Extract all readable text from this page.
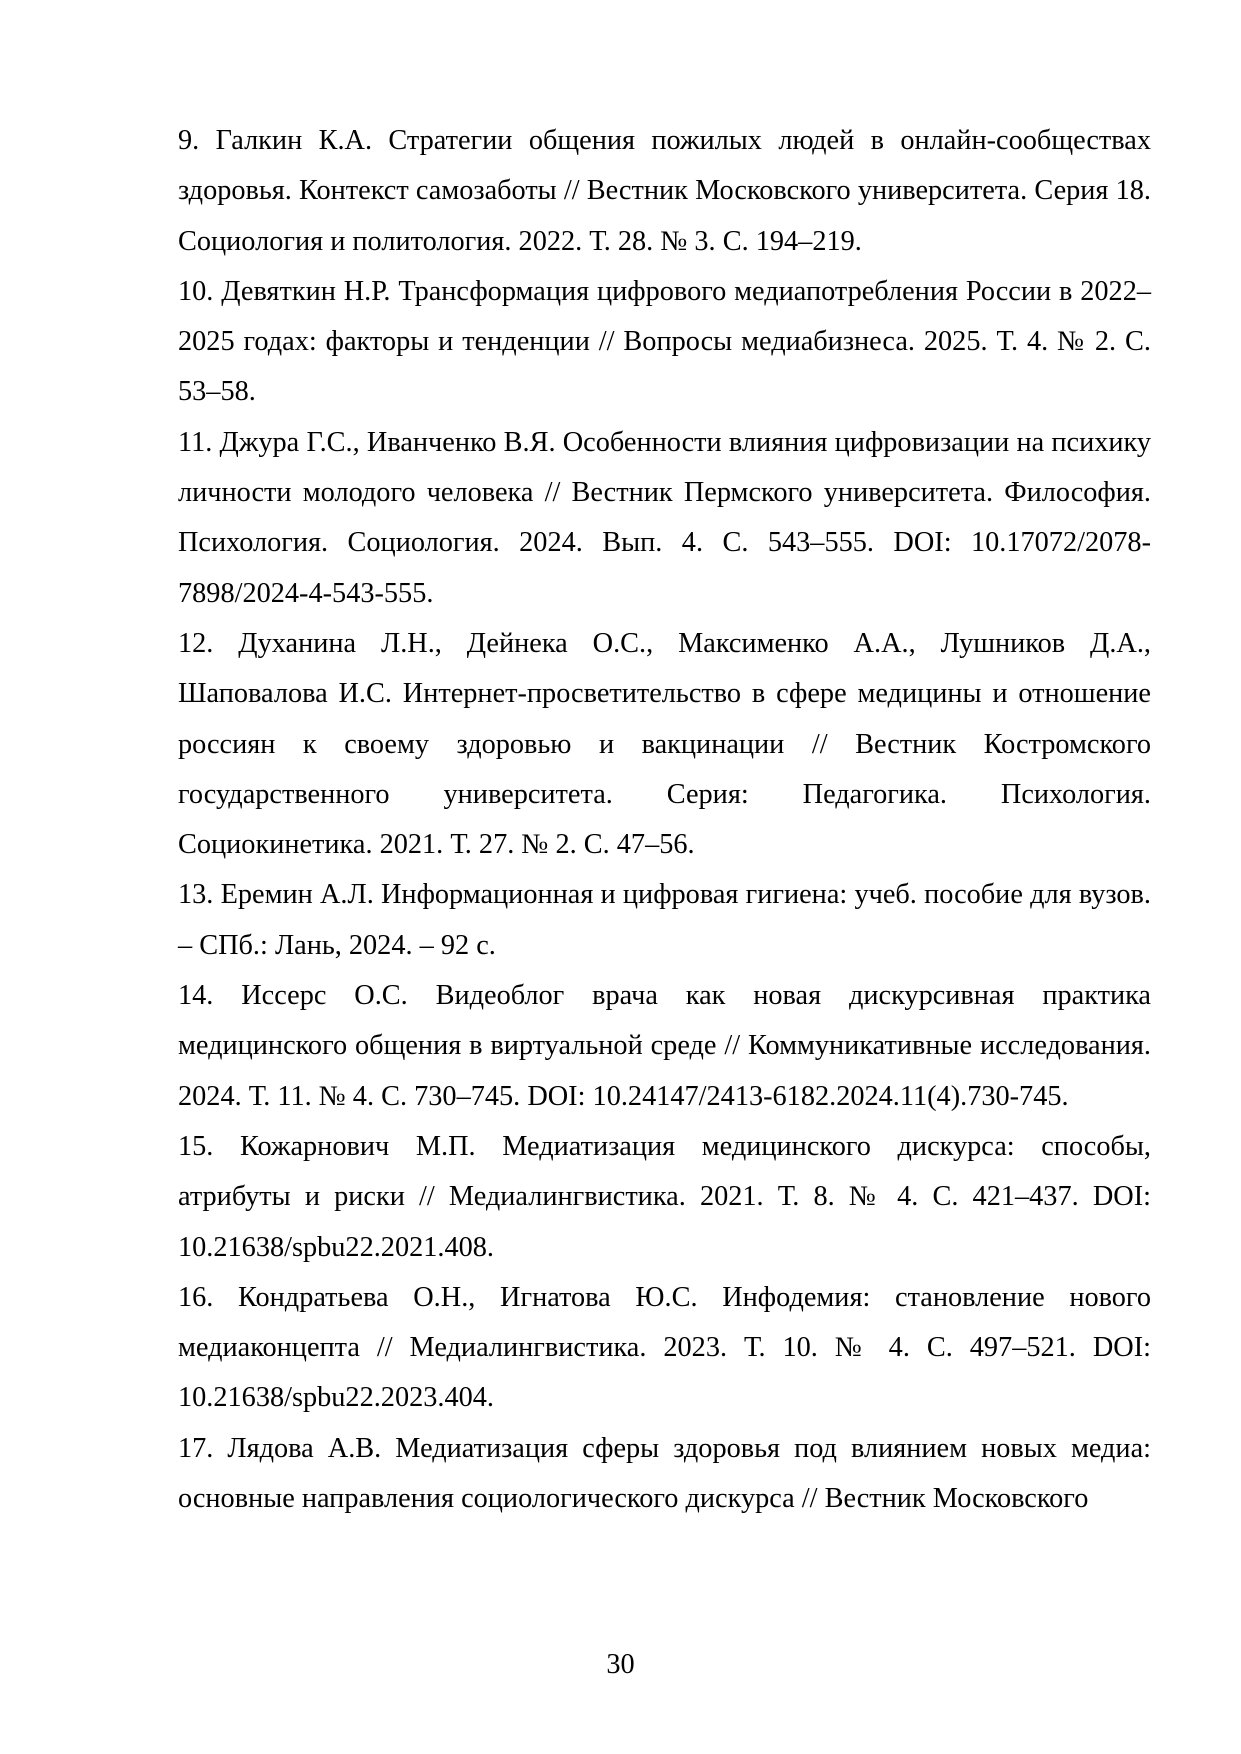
9. Галкин К.А. Стратегии общения пожилых людей в онлайн-сообществах здоровья. Контекст самозаботы // Вестник Московского университета. Серия 18. Социология и политология. 2022. Т. 28. № 3. С. 194–219.
10. Девяткин Н.Р. Трансформация цифрового медиапотребления России в 2022–2025 годах: факторы и тенденции // Вопросы медиабизнеса. 2025. Т. 4. № 2. С. 53–58.
11. Джура Г.С., Иванченко В.Я. Особенности влияния цифровизации на психику личности молодого человека // Вестник Пермского университета. Философия. Психология. Социология. 2024. Вып. 4. С. 543–555. DOI: 10.17072/2078-7898/2024-4-543-555.
12. Духанина Л.Н., Дейнека О.С., Максименко А.А., Лушников Д.А., Шаповалова И.С. Интернет-просветительство в сфере медицины и отношение россиян к своему здоровью и вакцинации // Вестник Костромского государственного университета. Серия: Педагогика. Психология. Социокинетика. 2021. Т. 27. № 2. С. 47–56.
13. Еремин А.Л. Информационная и цифровая гигиена: учеб. пособие для вузов. – СПб.: Лань, 2024. – 92 с.
14. Иссерс О.С. Видеоблог врача как новая дискурсивная практика медицинского общения в виртуальной среде // Коммуникативные исследования. 2024. Т. 11. № 4. С. 730–745. DOI: 10.24147/2413-6182.2024.11(4).730-745.
15. Кожарнович М.П. Медиатизация медицинского дискурса: способы, атрибуты и риски // Медиалингвистика. 2021. Т. 8. № 4. С. 421–437. DOI: 10.21638/spbu22.2021.408.
16. Кондратьева О.Н., Игнатова Ю.С. Инфодемия: становление нового медиаконцепта // Медиалингвистика. 2023. Т. 10. № 4. С. 497–521. DOI: 10.21638/spbu22.2023.404.
17. Лядова А.В. Медиатизация сферы здоровья под влиянием новых медиа: основные направления социологического дискурса // Вестник Московского
30
